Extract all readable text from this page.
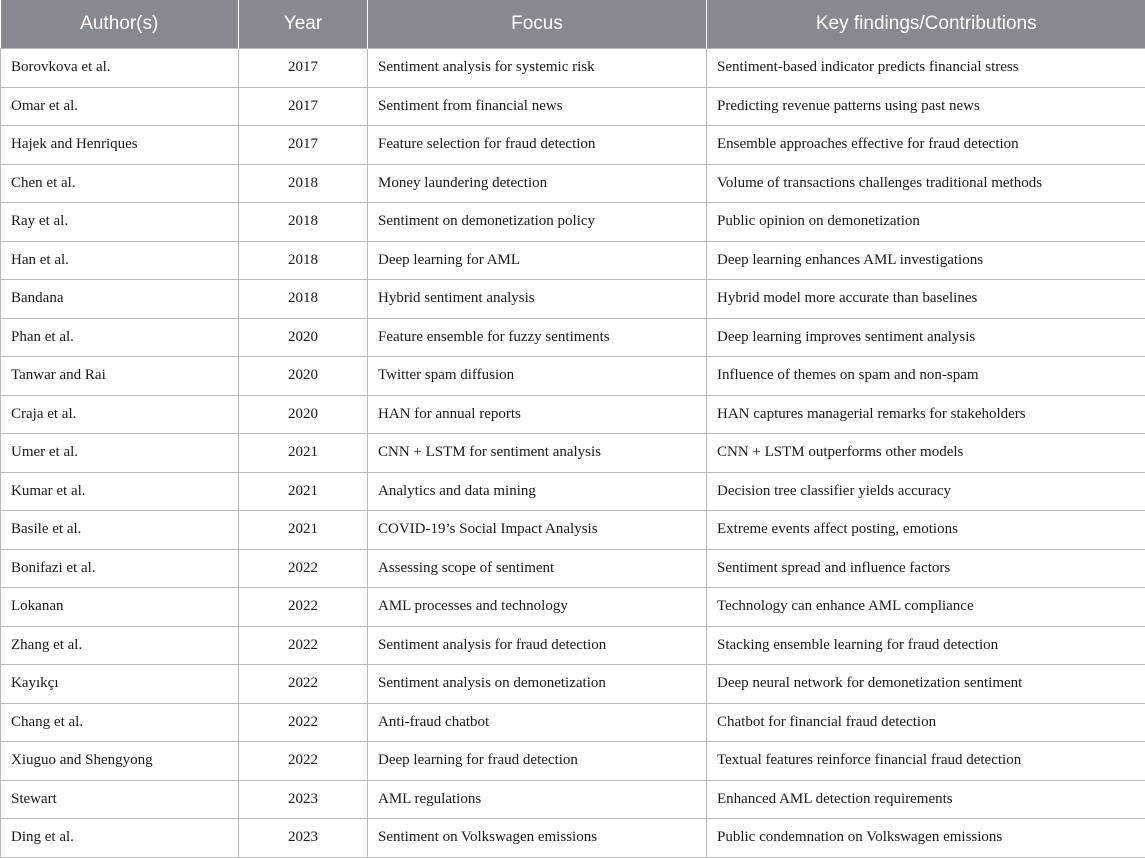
Author(s)	Year	Focus	Key findings/Contributions
Borovkova et al.	2017	Sentiment analysis for systemic risk	Sentiment-based indicator predicts financial stress
Omar et al.	2017	Sentiment from financial news	Predicting revenue patterns using past news
Hajek and Henriques	2017	Feature selection for fraud detection	Ensemble approaches effective for fraud detection
Chen et al.	2018	Money laundering detection	Volume of transactions challenges traditional methods
Ray et al.	2018	Sentiment on demonetization policy	Public opinion on demonetization
Han et al.	2018	Deep learning for AML	Deep learning enhances AML investigations
Bandana	2018	Hybrid sentiment analysis	Hybrid model more accurate than baselines
Phan et al.	2020	Feature ensemble for fuzzy sentiments	Deep learning improves sentiment analysis
Tanwar and Rai	2020	Twitter spam diffusion	Influence of themes on spam and non-spam
Craja et al.	2020	HAN for annual reports	HAN captures managerial remarks for stakeholders
Umer et al.	2021	CNN + LSTM for sentiment analysis	CNN + LSTM outperforms other models
Kumar et al.	2021	Analytics and data mining	Decision tree classifier yields accuracy
Basile et al.	2021	COVID-19’s Social Impact Analysis	Extreme events affect posting, emotions
Bonifazi et al.	2022	Assessing scope of sentiment	Sentiment spread and influence factors
Lokanan	2022	AML processes and technology	Technology can enhance AML compliance
Zhang et al.	2022	Sentiment analysis for fraud detection	Stacking ensemble learning for fraud detection
Kayıkçı	2022	Sentiment analysis on demonetization	Deep neural network for demonetization sentiment
Chang et al.	2022	Anti-fraud chatbot	Chatbot for financial fraud detection
Xiuguo and Shengyong	2022	Deep learning for fraud detection	Textual features reinforce financial fraud detection
Stewart	2023	AML regulations	Enhanced AML detection requirements
Ding et al.	2023	Sentiment on Volkswagen emissions	Public condemnation on Volkswagen emissions
